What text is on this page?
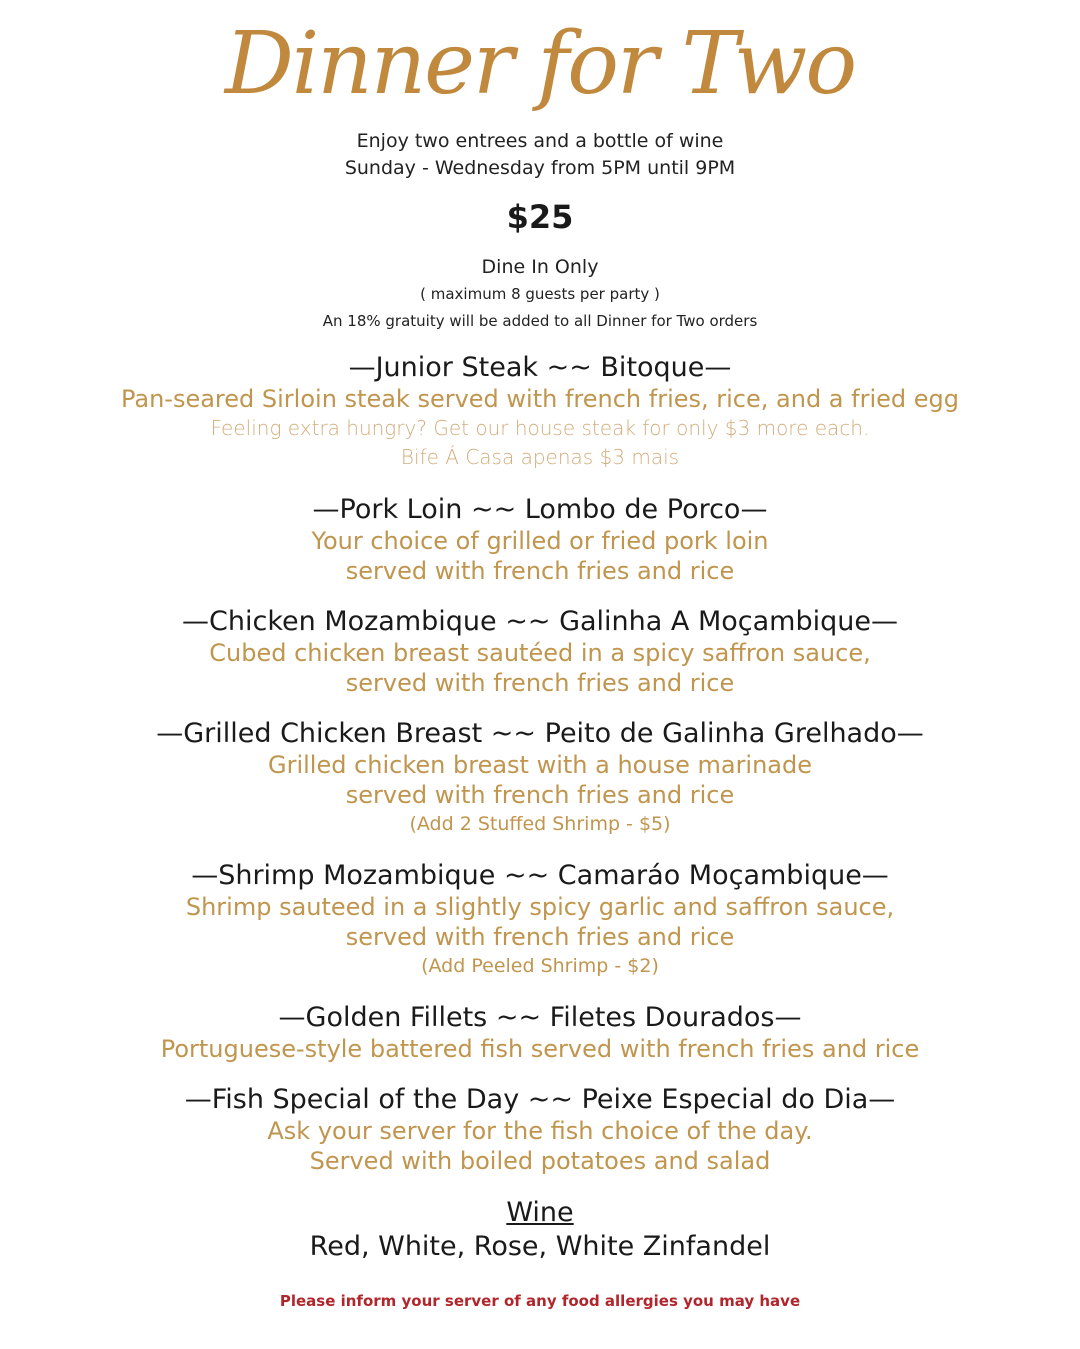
Dinner for Two
Enjoy two entrees and a bottle of wine
Sunday - Wednesday from 5PM until 9PM
$25
Dine In Only
( maximum 8 guests per party )
An 18% gratuity will be added to all Dinner for Two orders
—Junior Steak ~~ Bitoque—
Pan-seared Sirloin steak served with french fries, rice, and a fried egg
Feeling extra hungry? Get our house steak for only $3 more each.
Bife Á Casa apenas $3 mais
—Pork Loin ~~ Lombo de Porco—
Your choice of grilled or fried pork loin
served with french fries and rice
—Chicken Mozambique ~~ Galinha A Moçambique—
Cubed chicken breast sautéed in a spicy saffron sauce,
served with french fries and rice
—Grilled Chicken Breast ~~ Peito de Galinha Grelhado—
Grilled chicken breast with a house marinade
served with french fries and rice
(Add 2 Stuffed Shrimp - $5)
—Shrimp Mozambique ~~ Camaráo Moçambique—
Shrimp sauteed in a slightly spicy garlic and saffron sauce,
served with french fries and rice
(Add Peeled Shrimp - $2)
—Golden Fillets ~~ Filetes Dourados—
Portuguese-style battered fish served with french fries and rice
—Fish Special of the Day ~~ Peixe Especial do Dia—
Ask your server for the fish choice of the day.
Served with boiled potatoes and salad
Wine
Red, White, Rose, White Zinfandel
Please inform your server of any food allergies you may have
